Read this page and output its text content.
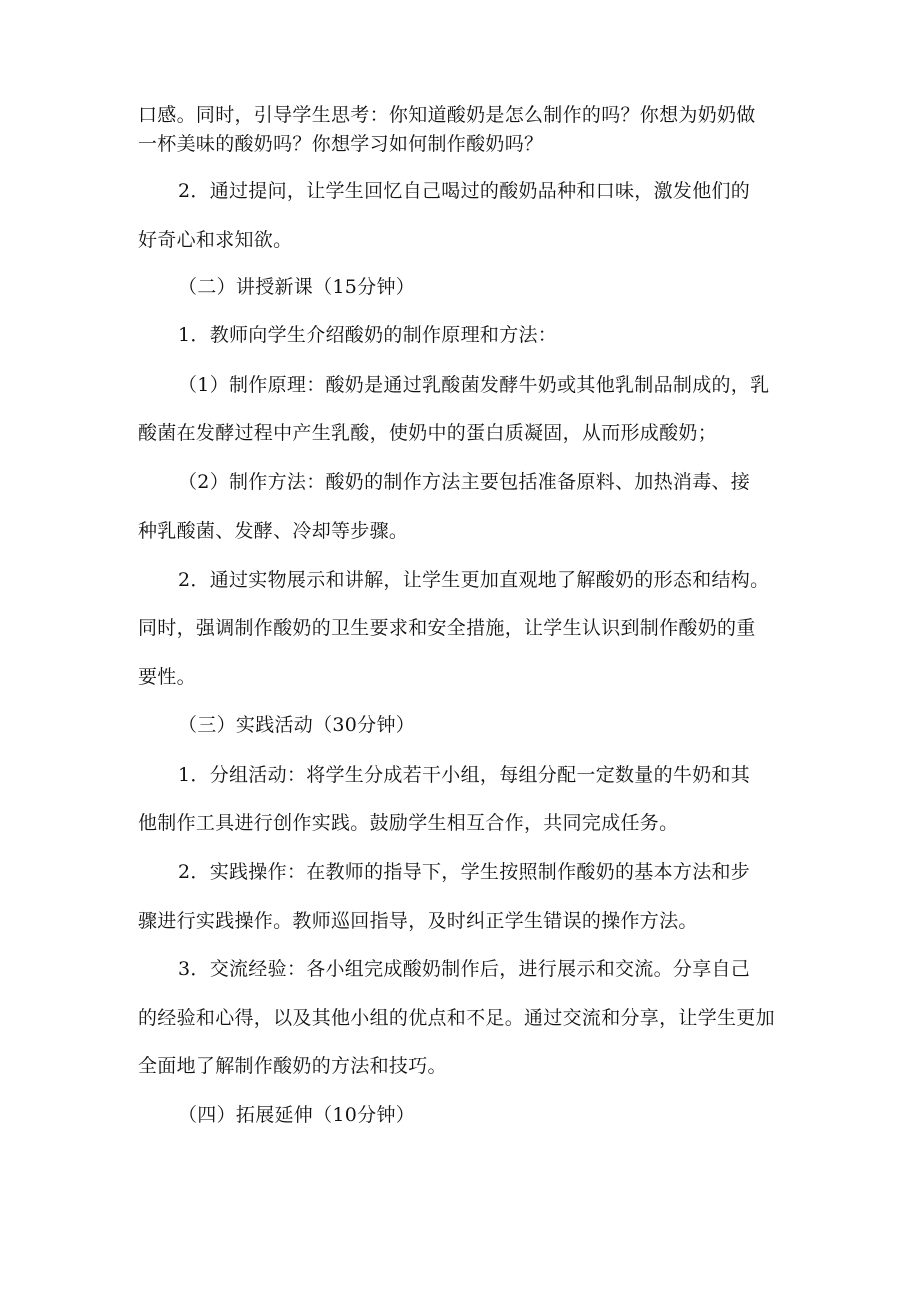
口感。同时，引导学生思考：你知道酸奶是怎么制作的吗？你想为奶奶做

一杯美味的酸奶吗？你想学习如何制作酸奶吗？

2．通过提问，让学生回忆自己喝过的酸奶品种和口味，激发他们的

好奇心和求知欲。

（二）讲授新课（15分钟）

1．教师向学生介绍酸奶的制作原理和方法：

（1）制作原理：酸奶是通过乳酸菌发酵牛奶或其他乳制品制成的，乳

酸菌在发酵过程中产生乳酸，使奶中的蛋白质凝固，从而形成酸奶；

（2）制作方法：酸奶的制作方法主要包括准备原料、加热消毒、接

种乳酸菌、发酵、冷却等步骤。

2．通过实物展示和讲解，让学生更加直观地了解酸奶的形态和结构。

同时，强调制作酸奶的卫生要求和安全措施，让学生认识到制作酸奶的重

要性。

（三）实践活动（30分钟）

1．分组活动：将学生分成若干小组，每组分配一定数量的牛奶和其

他制作工具进行创作实践。鼓励学生相互合作，共同完成任务。

2．实践操作：在教师的指导下，学生按照制作酸奶的基本方法和步

骤进行实践操作。教师巡回指导，及时纠正学生错误的操作方法。

3．交流经验：各小组完成酸奶制作后，进行展示和交流。分享自己

的经验和心得，以及其他小组的优点和不足。通过交流和分享，让学生更加

全面地了解制作酸奶的方法和技巧。

（四）拓展延伸（10分钟）
